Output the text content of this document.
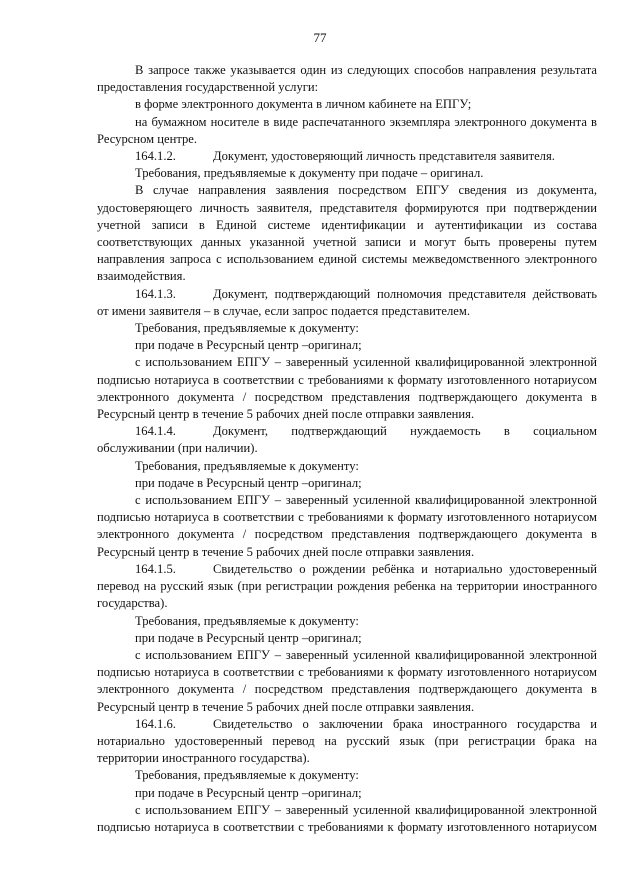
77

В запросе также указывается один из следующих способов направления результата предоставления государственной услуги:

в форме электронного документа в личном кабинете на ЕПГУ;

на бумажном носителе в виде распечатанного экземпляра электронного документа в Ресурсном центре.

164.1.2.	Документ, удостоверяющий личность представителя заявителя.

Требования, предъявляемые к документу при подаче – оригинал.

В случае направления заявления посредством ЕПГУ сведения из документа, удостоверяющего личность заявителя, представителя формируются при подтверждении учетной записи в Единой системе идентификации и аутентификации из состава соответствующих данных указанной учетной записи и могут быть проверены путем направления запроса с использованием единой системы межведомственного электронного взаимодействия.

164.1.3.	Документ, подтверждающий полномочия представителя действовать от имени заявителя – в случае, если запрос подается представителем.

Требования, предъявляемые к документу:

при подаче в Ресурсный центр –оригинал;

с использованием ЕПГУ – заверенный усиленной квалифицированной электронной подписью нотариуса в соответствии с требованиями к формату изготовленного нотариусом электронного документа / посредством представления подтверждающего документа в Ресурсный центр в течение 5 рабочих дней после отправки заявления.

164.1.4.	Документ, подтверждающий нуждаемость в социальном обслуживании (при наличии).

Требования, предъявляемые к документу:

при подаче в Ресурсный центр –оригинал;

с использованием ЕПГУ – заверенный усиленной квалифицированной электронной подписью нотариуса в соответствии с требованиями к формату изготовленного нотариусом электронного документа / посредством представления подтверждающего документа в Ресурсный центр в течение 5 рабочих дней после отправки заявления.

164.1.5.	Свидетельство о рождении ребёнка и нотариально удостоверенный перевод на русский язык (при регистрации рождения ребенка на территории иностранного государства).

Требования, предъявляемые к документу:

при подаче в Ресурсный центр –оригинал;

с использованием ЕПГУ – заверенный усиленной квалифицированной электронной подписью нотариуса в соответствии с требованиями к формату изготовленного нотариусом электронного документа / посредством представления подтверждающего документа в Ресурсный центр в течение 5 рабочих дней после отправки заявления.

164.1.6.	Свидетельство о заключении брака иностранного государства и нотариально удостоверенный перевод на русский язык (при регистрации брака на территории иностранного государства).

Требования, предъявляемые к документу:

при подаче в Ресурсный центр –оригинал;

с использованием ЕПГУ – заверенный усиленной квалифицированной электронной подписью нотариуса в соответствии с требованиями к формату изготовленного нотариусом
